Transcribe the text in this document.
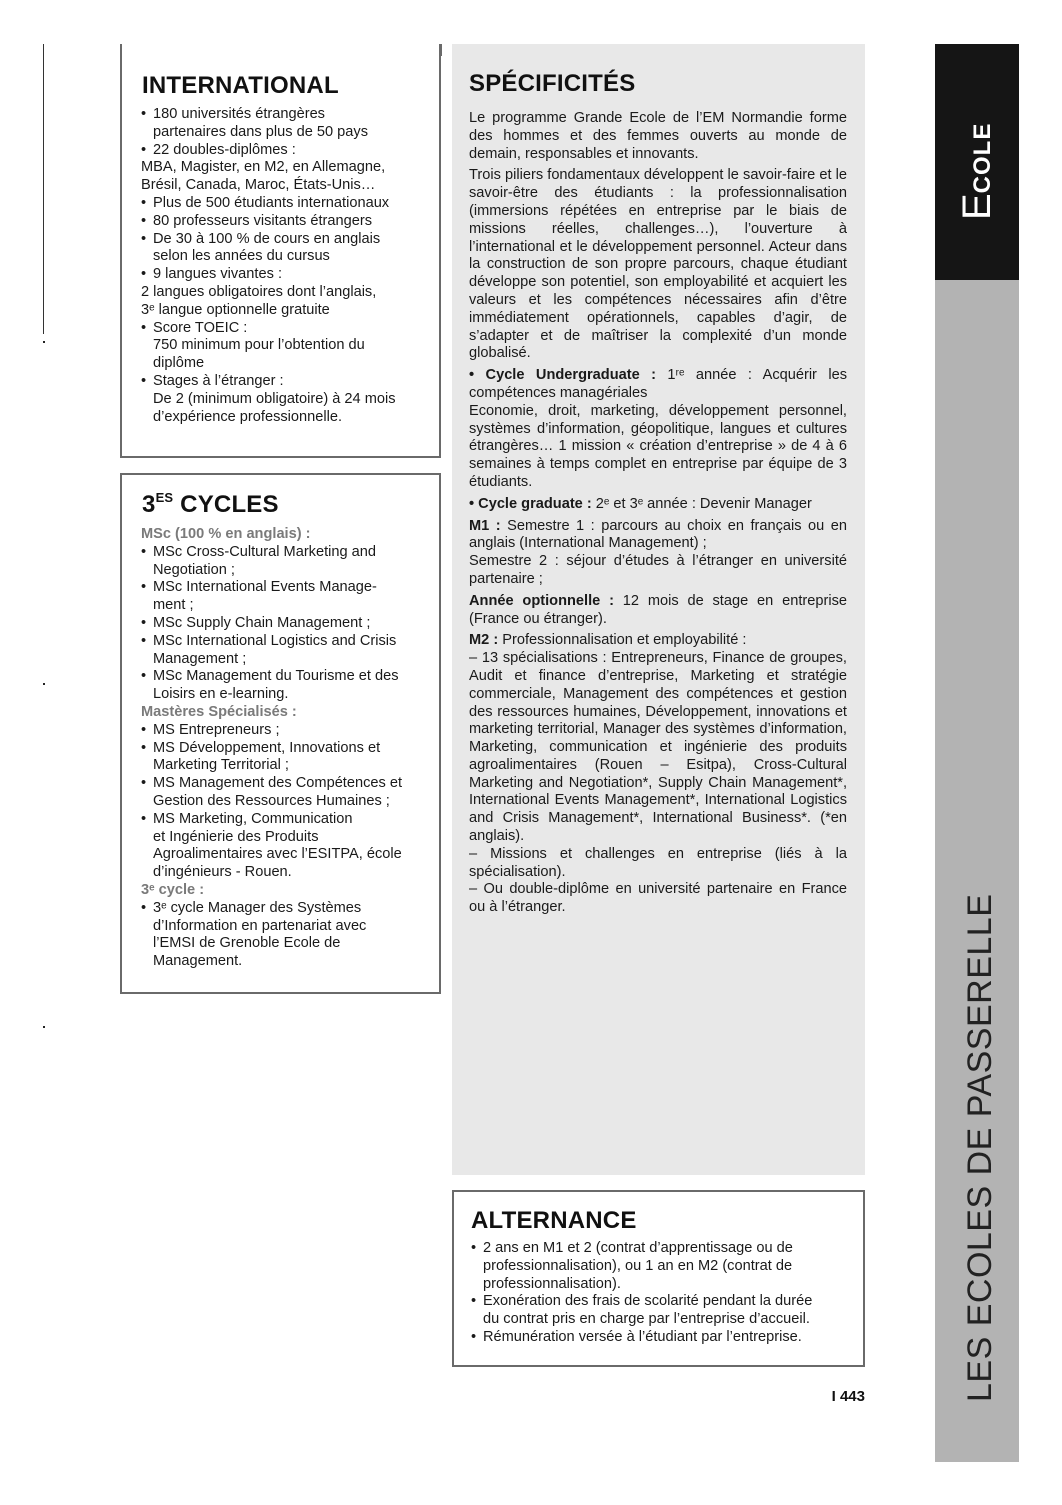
INTERNATIONAL
• 180 universités étrangères
partenaires dans plus de 50 pays
• 22 doubles-diplômes :
MBA, Magister, en M2, en Allemagne,
Brésil, Canada, Maroc, États-Unis…
• Plus de 500 étudiants internationaux
• 80 professeurs visitants étrangers
• De 30 à 100 % de cours en anglais
selon les années du cursus
• 9 langues vivantes :
2 langues obligatoires dont l’anglais,
3ᵉ langue optionnelle gratuite
• Score TOEIC :
750 minimum pour l’obtention du
diplôme
• Stages à l’étranger :
De 2 (minimum obligatoire) à 24 mois
d’expérience professionnelle.
$3^{ES}$ CYCLES
MSc (100 % en anglais) :
• MSc Cross-Cultural Marketing and
Negotiation ;
• MSc International Events Manage-
ment ;
• MSc Supply Chain Management ;
• MSc International Logistics and Crisis
Management ;
• MSc Management du Tourisme et des
Loisirs en e-learning.
Mastères Spécialisés :
• MS Entrepreneurs ;
• MS Développement, Innovations et
Marketing Territorial ;
• MS Management des Compétences et
Gestion des Ressources Humaines ;
• MS Marketing, Communication
et Ingénierie des Produits
Agroalimentaires avec l’ESITPA, école
d’ingénieurs - Rouen.
3ᵉ cycle :
• 3ᵉ cycle Manager des Systèmes
d’Information en partenariat avec
l’EMSI de Grenoble Ecole de
Management.
SPÉCIFICITÉS

Le programme Grande Ecole de l’EM Normandie forme des hommes et des femmes ouverts au monde de demain, responsables et innovants.

Trois piliers fondamentaux développent le savoir-faire et le savoir-être des étudiants : la professionnalisation (immersions répétées en entreprise par le biais de missions réelles, challenges…), l’ouverture à l’international et le développement personnel. Acteur dans la construction de son propre parcours, chaque étudiant développe son potentiel, son employabilité et acquiert les valeurs et les compétences nécessaires afin d’être immédiatement opérationnels, capables d’agir, de s’adapter et de maîtriser la complexité d’un monde globalisé.

• Cycle Undergraduate : 1ʳᵉ année : Acquérir les compétences managériales

Economie, droit, marketing, développement personnel, systèmes d’information, géopolitique, langues et cultures étrangères… 1 mission « création d’entreprise » de 4 à 6 semaines à temps complet en entreprise par équipe de 3 étudiants.

• Cycle graduate : 2ᵉ et 3ᵉ année : Devenir Manager

M1 : Semestre 1 : parcours au choix en français ou en anglais (International Management) ;

Semestre 2 : séjour d’études à l’étranger en université partenaire ;

Année optionnelle : 12 mois de stage en entreprise (France ou étranger).

M2 : Professionnalisation et employabilité :

– 13 spécialisations : Entrepreneurs, Finance de groupes, Audit et finance d’entreprise, Marketing et stratégie commerciale, Management des compétences et gestion des ressources humaines, Développement, innovations et marketing territorial, Manager des systèmes d’information, Marketing, communication et ingénierie des produits agroalimentaires (Rouen – Esitpa), Cross-Cultural Marketing and Negotiation*, Supply Chain Management*, International Events Management*, International Logistics and Crisis Management*, International Business*. (*en anglais).

– Missions et challenges en entreprise (liés à la spécialisation).

– Ou double-diplôme en université partenaire en France ou à l’étranger.

ALTERNANCE
• 2 ans en M1 et 2 (contrat d’apprentissage ou de
professionnalisation), ou 1 an en M2 (contrat de
professionnalisation).
• Exonération des frais de scolarité pendant la durée
du contrat pris en charge par l’entreprise d’accueil.
• Rémunération versée à l’étudiant par l’entreprise.
I 443
ECOLE
LES ECOLES DE PASSERELLE
